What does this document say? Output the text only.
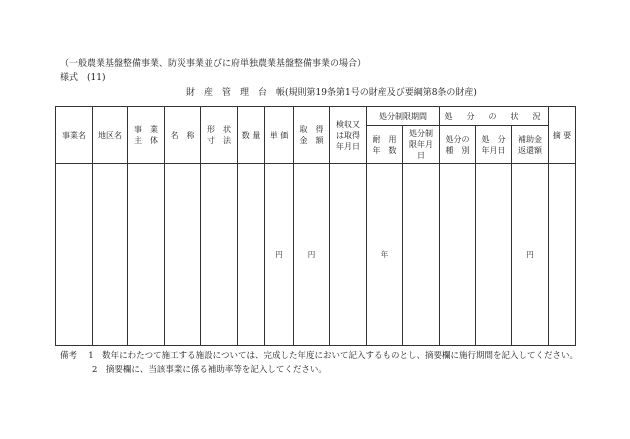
（一般農業基盤整備事業、防災事業並びに府単独農業基盤整備事業の場合）
様式　(11)
財　産　管　理　台　帳(規則第19条第1号の財産及び要綱第8条の財産)
事業名	地区名	事　業 主　体	名　称	形　状 寸　法	数 量	単 価	取　得 金　額	検収又 は取得 年月日	処分制限期間		処　分　の　状　況			摘 要
									耐　用 年　数	処分制 限年月 日	処分の 種　別	処　分 年月日	補助金 返還額	
						円	円		年				円	
備考　 1　数年にわたつて施工する施設については、完成した年度において記入するものとし、摘要欄に施行期間を記入してください。
2　摘要欄に、当該事業に係る補助率等を記入してください。
